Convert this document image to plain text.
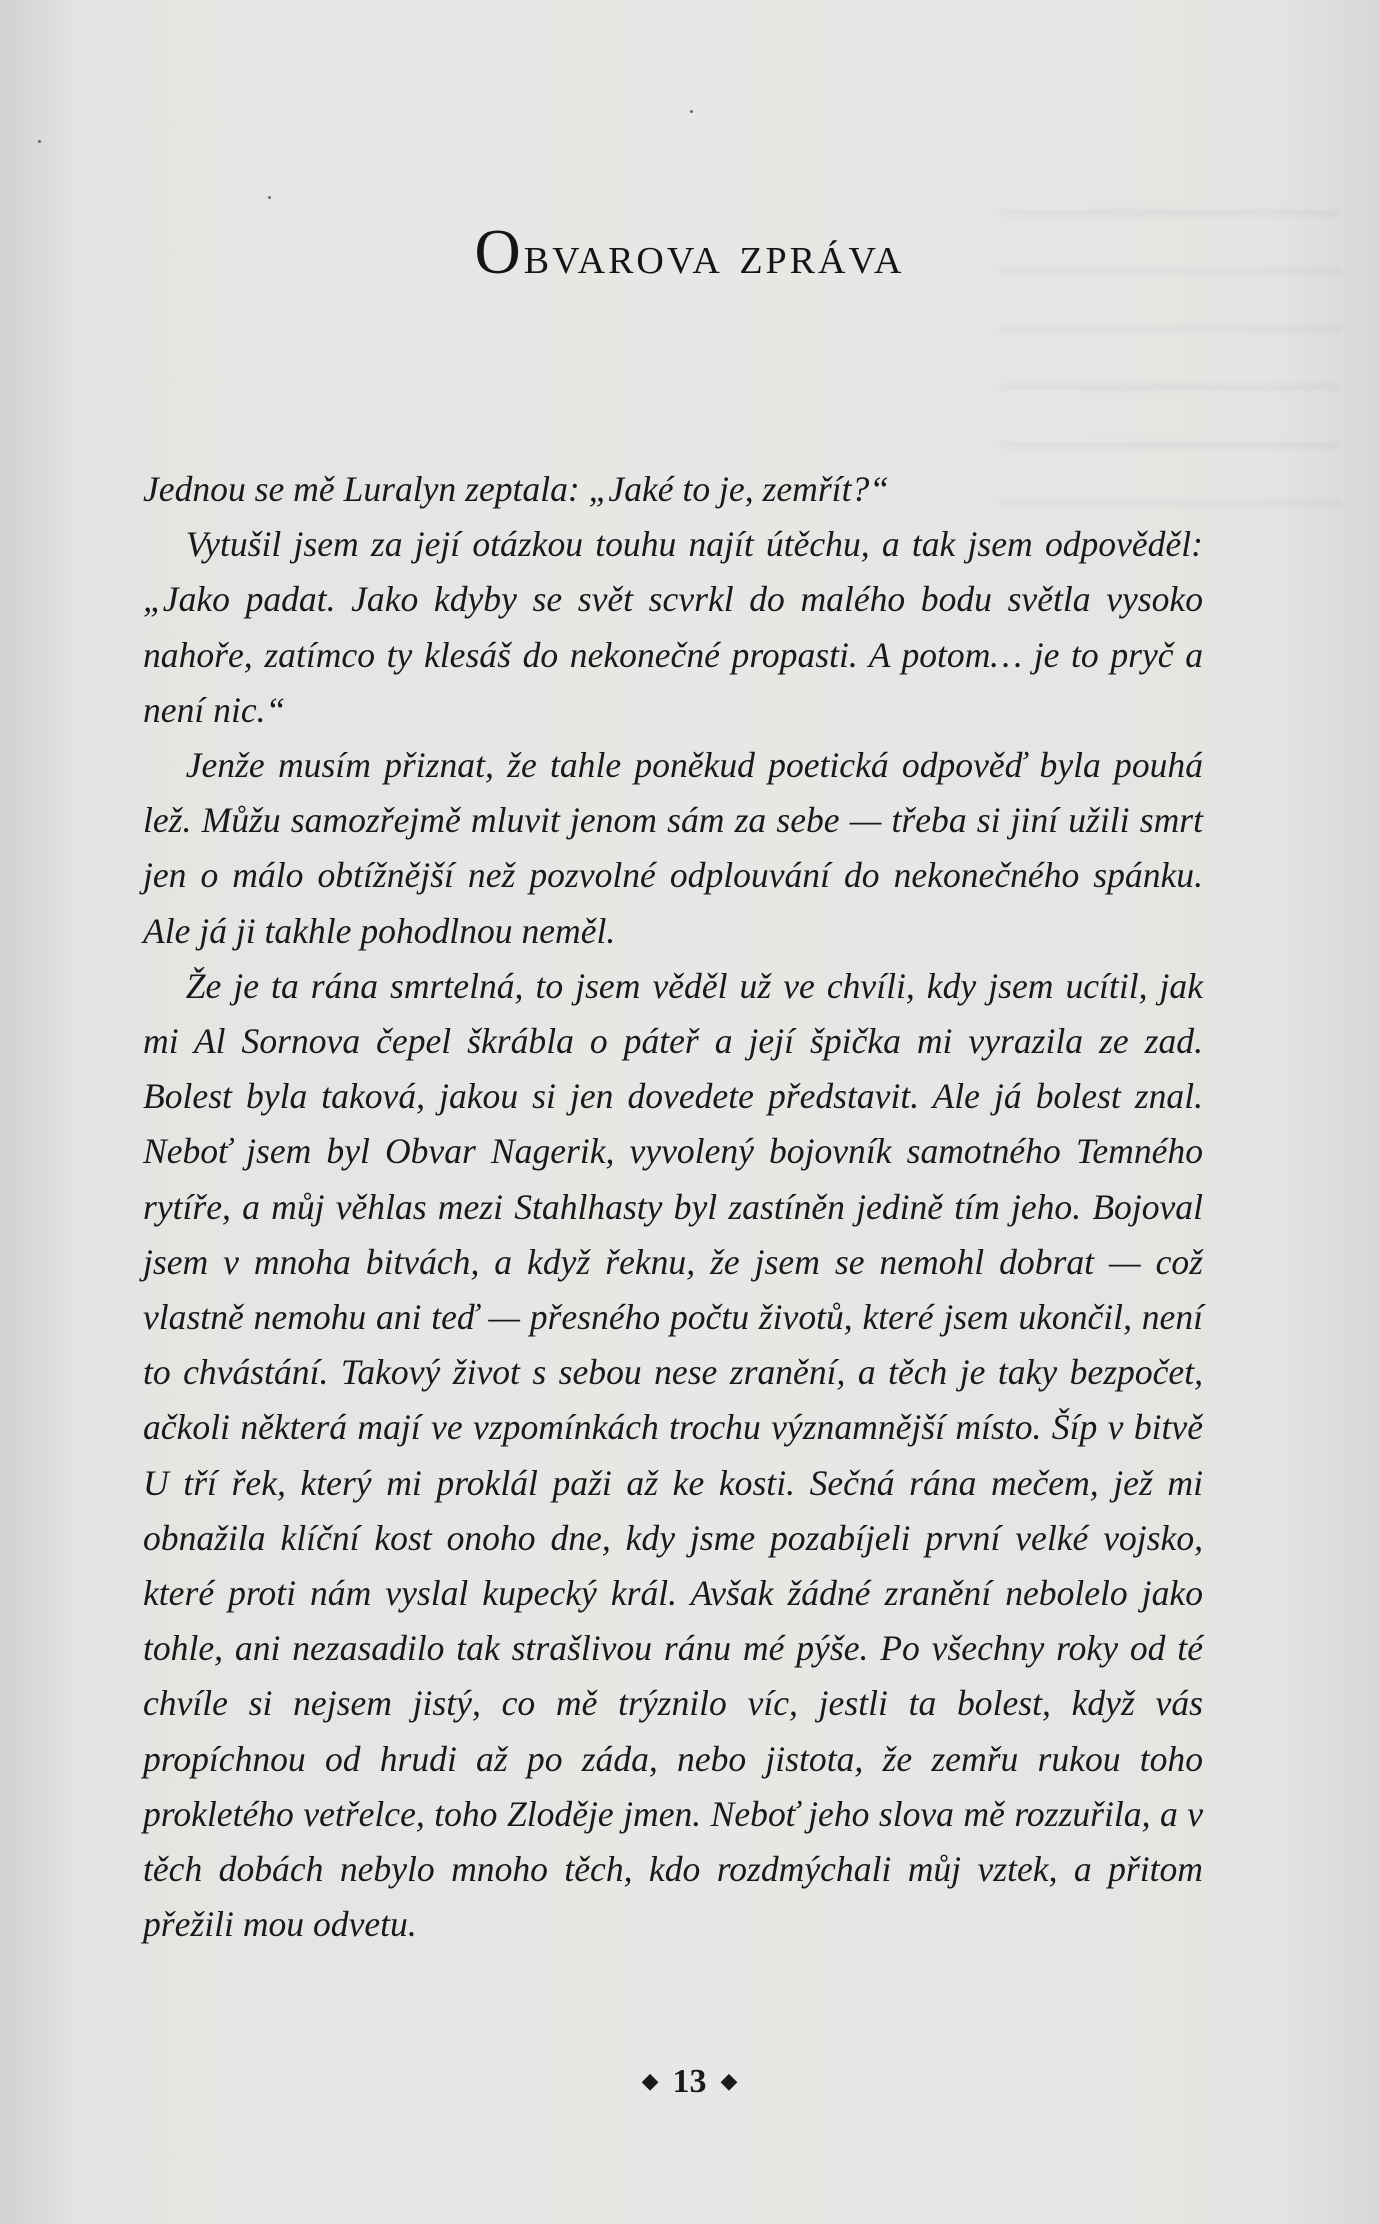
Obvarova zpráva

Jednou se mě Luralyn zeptala: „Jaké to je, zemřít?“

Vytušil jsem za její otázkou touhu najít útěchu, a tak jsem odpověděl: „Jako padat. Jako kdyby se svět scvrkl do malého bodu světla vysoko nahoře, zatímco ty klesáš do nekonečné propasti. A potom… je to pryč a není nic.“

Jenže musím přiznat, že tahle poněkud poetická odpověď byla pouhá lež. Můžu samozřejmě mluvit jenom sám za sebe — třeba si jiní užili smrt jen o málo obtížnější než pozvolné odplouvání do nekonečného spánku. Ale já ji takhle pohodlnou neměl.

Že je ta rána smrtelná, to jsem věděl už ve chvíli, kdy jsem ucítil, jak mi Al Sornova čepel škrábla o páteř a její špička mi vyrazila ze zad. Bolest byla taková, jakou si jen dovedete představit. Ale já bolest znal. Neboť jsem byl Obvar Nagerik, vyvolený bojovník samotného Temného rytíře, a můj věhlas mezi Stahlhasty byl zastíněn jedině tím jeho. Bojoval jsem v mnoha bitvách, a když řeknu, že jsem se nemohl dobrat — což vlastně nemohu ani teď — přesného počtu životů, které jsem ukončil, není to chvástání. Takový život s sebou nese zranění, a těch je taky bezpočet, ačkoli některá mají ve vzpomínkách trochu významnější místo. Šíp v bitvě U tří řek, který mi proklál paži až ke kosti. Sečná rána mečem, jež mi obnažila klíční kost onoho dne, kdy jsme pozabíjeli první velké vojsko, které proti nám vyslal kupecký král. Avšak žádné zranění nebolelo jako tohle, ani nezasadilo tak strašlivou ránu mé pýše. Po všechny roky od té chvíle si nejsem jistý, co mě trýznilo víc, jestli ta bolest, když vás propíchnou od hrudi až po záda, nebo jistota, že zemřu rukou toho prokletého vetřelce, toho Zloděje jmen. Neboť jeho slova mě rozzuřila, a v těch dobách nebylo mnoho těch, kdo rozdmýchali můj vztek, a přitom přežili mou odvetu.

◆ 13 ◆
